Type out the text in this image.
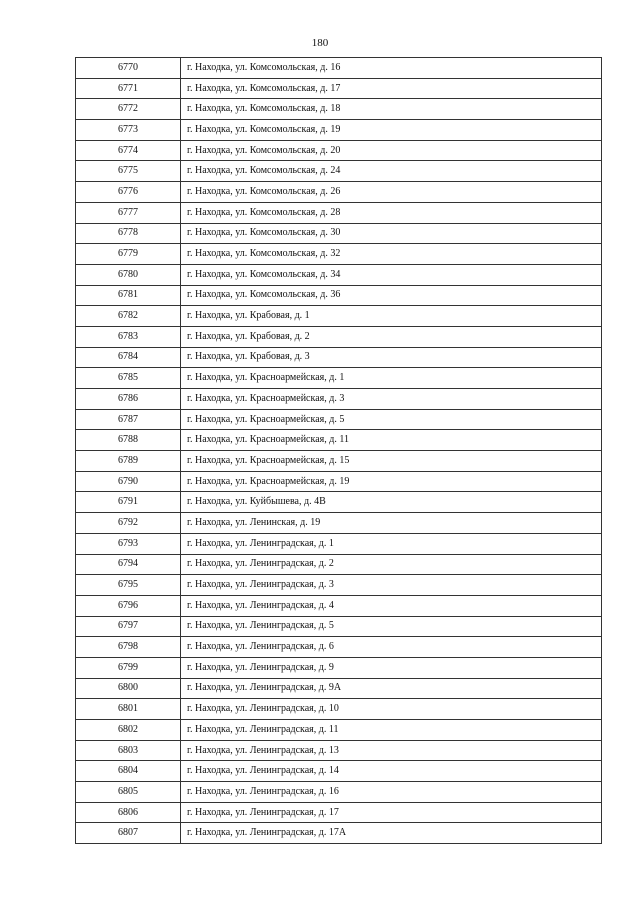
180
6770	г. Находка, ул. Комсомольская, д. 16
6771	г. Находка, ул. Комсомольская, д. 17
6772	г. Находка, ул. Комсомольская, д. 18
6773	г. Находка, ул. Комсомольская, д. 19
6774	г. Находка, ул. Комсомольская, д. 20
6775	г. Находка, ул. Комсомольская, д. 24
6776	г. Находка, ул. Комсомольская, д. 26
6777	г. Находка, ул. Комсомольская, д. 28
6778	г. Находка, ул. Комсомольская, д. 30
6779	г. Находка, ул. Комсомольская, д. 32
6780	г. Находка, ул. Комсомольская, д. 34
6781	г. Находка, ул. Комсомольская, д. 36
6782	г. Находка, ул. Крабовая, д. 1
6783	г. Находка, ул. Крабовая, д. 2
6784	г. Находка, ул. Крабовая, д. 3
6785	г. Находка, ул. Красноармейская, д. 1
6786	г. Находка, ул. Красноармейская, д. 3
6787	г. Находка, ул. Красноармейская, д. 5
6788	г. Находка, ул. Красноармейская, д. 11
6789	г. Находка, ул. Красноармейская, д. 15
6790	г. Находка, ул. Красноармейская, д. 19
6791	г. Находка, ул. Куйбышева, д. 4В
6792	г. Находка, ул. Ленинская, д. 19
6793	г. Находка, ул. Ленинградская, д. 1
6794	г. Находка, ул. Ленинградская, д. 2
6795	г. Находка, ул. Ленинградская, д. 3
6796	г. Находка, ул. Ленинградская, д. 4
6797	г. Находка, ул. Ленинградская, д. 5
6798	г. Находка, ул. Ленинградская, д. 6
6799	г. Находка, ул. Ленинградская, д. 9
6800	г. Находка, ул. Ленинградская, д. 9А
6801	г. Находка, ул. Ленинградская, д. 10
6802	г. Находка, ул. Ленинградская, д. 11
6803	г. Находка, ул. Ленинградская, д. 13
6804	г. Находка, ул. Ленинградская, д. 14
6805	г. Находка, ул. Ленинградская, д. 16
6806	г. Находка, ул. Ленинградская, д. 17
6807	г. Находка, ул. Ленинградская, д. 17А
